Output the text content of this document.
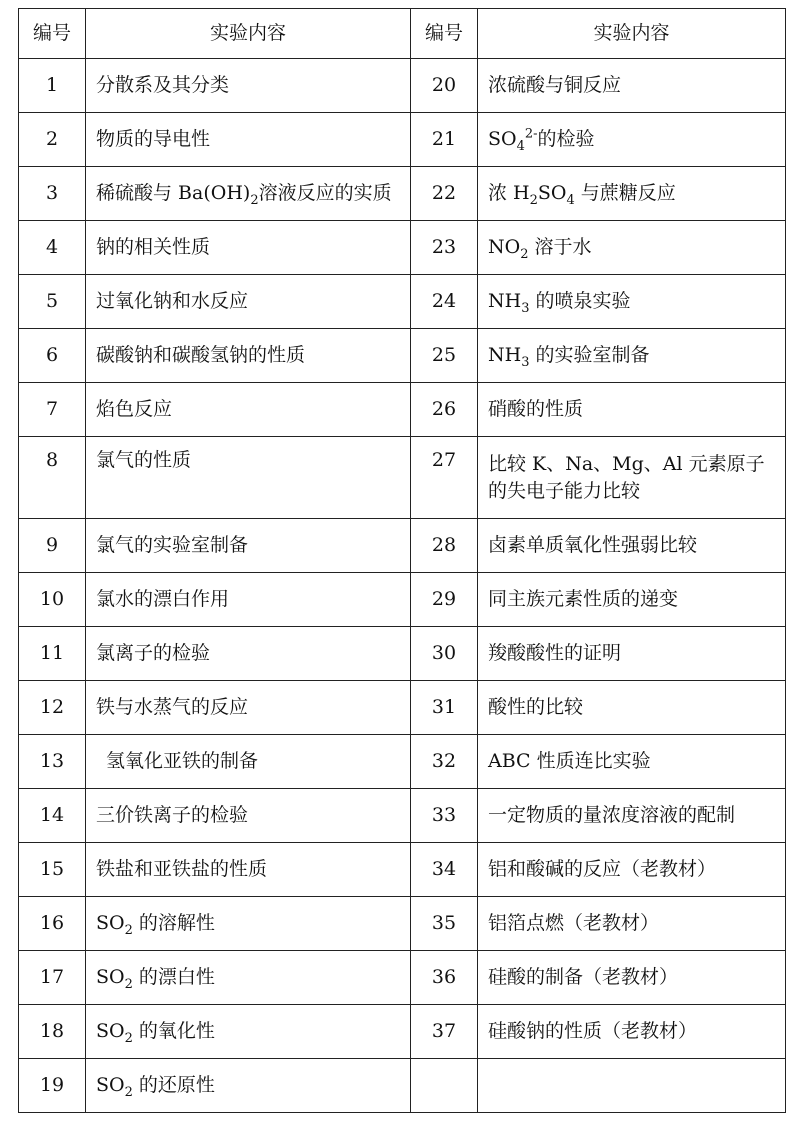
编号	实验内容	编号	实验内容
1	分散系及其分类	20	浓硫酸与铜反应
2	物质的导电性	21	$SO_4^{2-}$的检验
3	稀硫酸与 $Ba(OH)_2$溶液反应的实质	22	浓 $H_2SO_4$ 与蔗糖反应
4	钠的相关性质	23	$NO_2$ 溶于水
5	过氧化钠和水反应	24	$NH_3$ 的喷泉实验
6	碳酸钠和碳酸氢钠的性质	25	$NH_3$ 的实验室制备
7	焰色反应	26	硝酸的性质
8	氯气的性质	27	比较 K、Na、Mg、Al 元素原子的失电子能力比较
9	氯气的实验室制备	28	卤素单质氧化性强弱比较
10	氯水的漂白作用	29	同主族元素性质的递变
11	氯离子的检验	30	羧酸酸性的证明
12	铁与水蒸气的反应	31	酸性的比较
13	氢氧化亚铁的制备	32	ABC 性质连比实验
14	三价铁离子的检验	33	一定物质的量浓度溶液的配制
15	铁盐和亚铁盐的性质	34	铝和酸碱的反应（老教材）
16	$SO_2$ 的溶解性	35	铝箔点燃（老教材）
17	$SO_2$ 的漂白性	36	硅酸的制备（老教材）
18	$SO_2$ 的氧化性	37	硅酸钠的性质（老教材）
19	$SO_2$ 的还原性		
